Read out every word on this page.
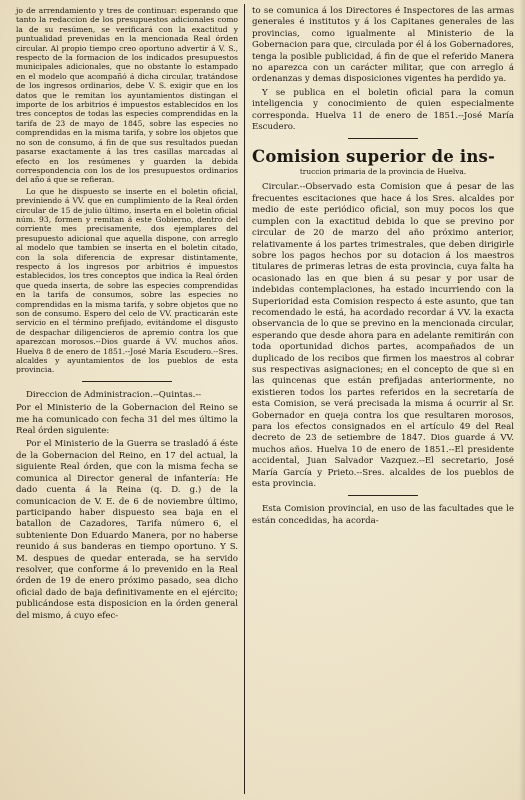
jo de arrendamiento y tres de continuar: esperando que tanto la redaccion de los presupuestos adicionales como la de su resúmen, se verificará con la exactitud y puntualidad prevenidas en la mencionada Real órden circular. Al propio tiempo creo oportuno advertir á V. S., respecto de la formacion de los indicados presupuestos municipales adicionales, que no obstante lo estampado en el modelo que acompañó á dicha circular, tratándose de los ingresos ordinarios, debe V. S. exigir que en los datos que le remitan los ayuntamientos distingan el importe de los arbitrios é impuestos establecidos en los tres conceptos de todas las especies comprendidas en la tarifa de 23 de mayo de 1845, sobre las especies no comprendidas en la misma tarifa, y sobre los objetos que no son de consumo, á fin de que sus resultados puedan pasarse exactamente á las tres casillas marcadas al efecto en los resúmenes y guarden la debida correspondencia con los de los presupuestos ordinarios del año á que se refieran.

Lo que he dispuesto se inserte en el boletin oficial, previniendo á VV. que en cumplimiento de la Real órden circular de 15 de julio último, inserta en el boletin oficial núm. 93, formen y remitan á este Gobierno, dentro del corriente mes precisamente, dos ejemplares del presupuesto adicional que aquella dispone, con arreglo al modelo que tambien se inserta en el boletin citado, con la sola diferencia de expresar distintamente, respecto á los ingresos por arbitrios é impuestos establecidos, los tres conceptos que indica la Real órden que queda inserta, de sobre las especies comprendidas en la tarifa de consumos, sobre las especies no comprendidas en la misma tarifa, y sobre objetos que no son de consumo. Espero del celo de VV. practicarán este servicio en el término prefijado, evitándome el disgusto de despachar diligencieros de apremio contra los que aparezcan morosos.--Dios guarde á VV. muchos años. Huelva 8 de enero de 1851.--José María Escudero.--Sres. alcaldes y ayuntamientos de los pueblos de esta provincia.

Direccion de Administracion.--Quintas.--

Por el Ministerio de la Gobernacion del Reino se me ha comunicado con fecha 31 del mes último la Real órden siguiente:

Por el Ministerio de la Guerra se trasladó á éste de la Gobernacion del Reino, en 17 del actual, la siguiente Real órden, que con la misma fecha se comunica al Director general de infantería: He dado cuenta á la Reina (q. D. g.) de la comunicacion de V. E. de 6 de noviembre último, participando haber dispuesto sea baja en el batallon de Cazadores, Tarifa número 6, el subteniente Don Eduardo Manera, por no haberse reunido á sus banderas en tiempo oportuno. Y S. M. despues de quedar enterada, se ha servido resolver, que conforme á lo prevenido en la Real órden de 19 de enero próximo pasado, sea dicho oficial dado de baja definitivamente en el ejército; publicándose esta disposicion en la órden general del mismo, á cuyo efec-

to se comunica á los Directores é Inspectores de las armas generales é institutos y á los Capitanes generales de las provincias, como igualmente al Ministerio de la Gobernacion para que, circulada por él á los Gobernadores, tenga la posible publicidad, á fin de que el referido Manera no aparezca con un carácter militar, que con arreglo á ordenanzas y demas disposiciones vigentes ha perdido ya.

Y se publica en el boletin oficial para la comun inteligencia y conocimiento de quien especialmente corresponda. Huelva 11 de enero de 1851.--José María Escudero.

Comision superior de ins-

truccion primaria de la provincia de Huelva.

Circular.--Observado esta Comision que á pesar de las frecuentes escitaciones que hace á los Sres. alcaldes por medio de este periódico oficial, son muy pocos los que cumplen con la exactitud debida lo que se previno por circular de 20 de marzo del año próximo anterior, relativamente á los partes trimestrales, que deben dirigirle sobre los pagos hechos por su dotacion á los maestros titulares de primeras letras de esta provincia, cuya falta ha ocasionado las en que bien á su pesar y por usar de indebidas contemplaciones, ha estado incurriendo con la Superioridad esta Comision respecto á este asunto, que tan recomendado le está, ha acordado recordar á VV. la exacta observancia de lo que se previno en la mencionada circular, esperando que desde ahora para en adelante remitirán con toda oportunidad dichos partes, acompañados de un duplicado de los recibos que firmen los maestros al cobrar sus respectivas asignaciones; en el concepto de que si en las quincenas que están prefijadas anteriormente, no existieren todos los partes referidos en la secretaría de esta Comision, se verá precisada la misma á ocurrir al Sr. Gobernador en queja contra los que resultaren morosos, para los efectos consignados en el artículo 49 del Real decreto de 23 de setiembre de 1847. Dios guarde á VV. muchos años. Huelva 10 de enero de 1851.--El presidente accidental, Juan Salvador Vazquez.--El secretario, José María García y Prieto.--Sres. alcaldes de los pueblos de esta provincia.

Esta Comision provincial, en uso de las facultades que le están concedidas, ha acorda-
